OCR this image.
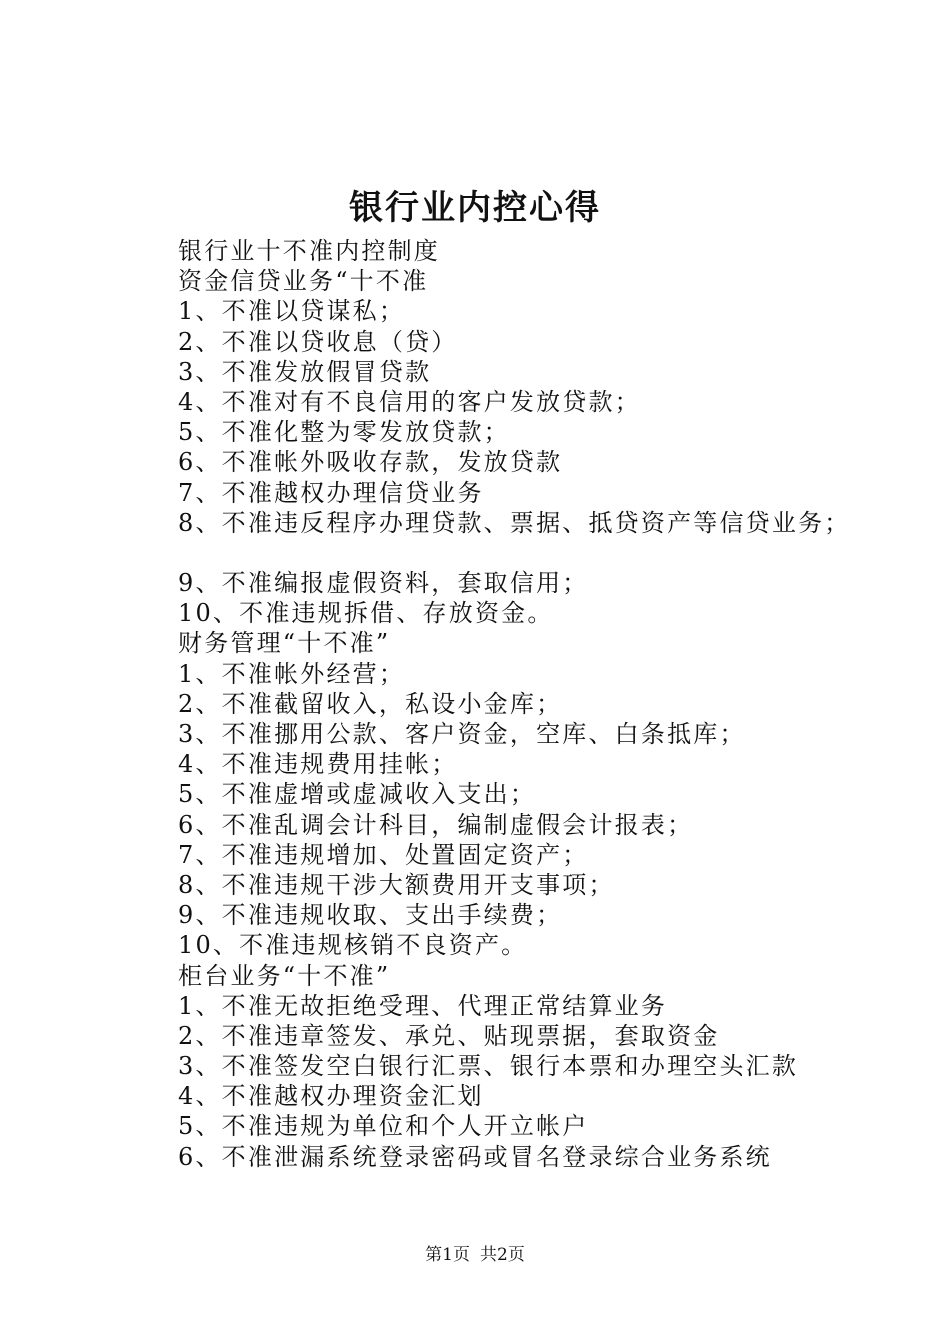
银行业内控心得
银行业十不准内控制度
资金信贷业务“十不准
1、不准以贷谋私；
2、不准以贷收息（贷）
3、不准发放假冒贷款
4、不准对有不良信用的客户发放贷款；
5、不准化整为零发放贷款；
6、不准帐外吸收存款，发放贷款
7、不准越权办理信贷业务
8、不准违反程序办理贷款、票据、抵贷资产等信贷业务；
9、不准编报虚假资料，套取信用；
10、不准违规拆借、存放资金。
财务管理“十不准”
1、不准帐外经营；
2、不准截留收入，私设小金库；
3、不准挪用公款、客户资金，空库、白条抵库；
4、不准违规费用挂帐；
5、不准虚增或虚减收入支出；
6、不准乱调会计科目，编制虚假会计报表；
7、不准违规增加、处置固定资产；
8、不准违规干涉大额费用开支事项；
9、不准违规收取、支出手续费；
10、不准违规核销不良资产。
柜台业务“十不准”
1、不准无故拒绝受理、代理正常结算业务
2、不准违章签发、承兑、贴现票据，套取资金
3、不准签发空白银行汇票、银行本票和办理空头汇款
4、不准越权办理资金汇划
5、不准违规为单位和个人开立帐户
6、不准泄漏系统登录密码或冒名登录综合业务系统
第1页 共2页
